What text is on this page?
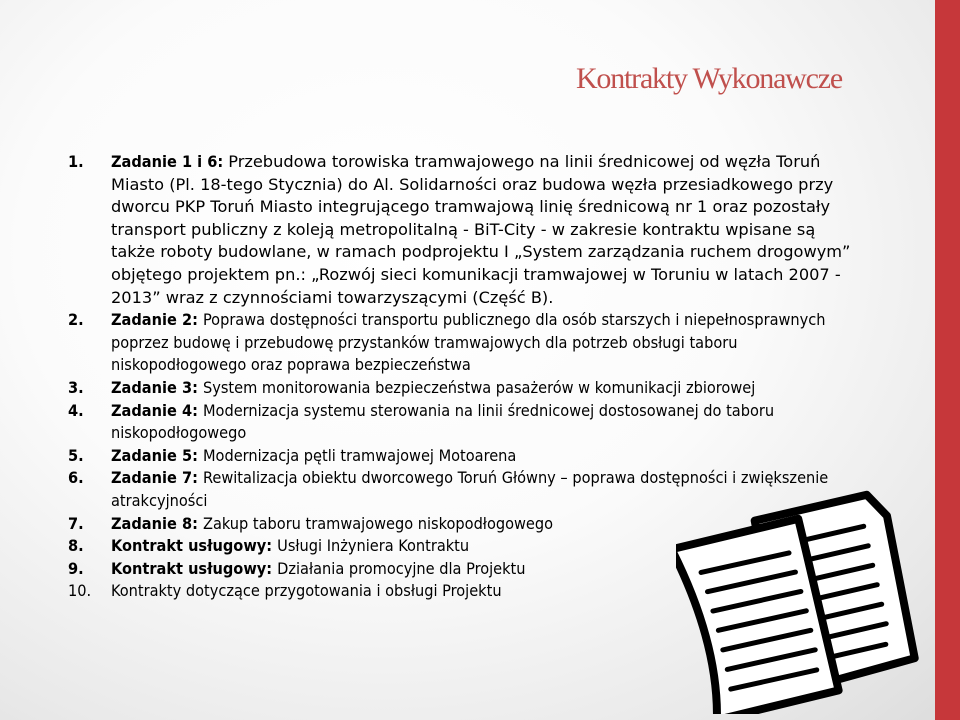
Kontrakty Wykonawcze
1.	Zadanie 1 i 6: Przebudowa torowiska tramwajowego na linii średnicowej od węzła Toruń Miasto (Pl. 18-tego Stycznia) do Al. Solidarności oraz budowa węzła przesiadkowego przy dworcu PKP Toruń Miasto integrującego tramwajową linię średnicową nr 1 oraz pozostały transport publiczny z koleją metropolitalną - BiT-City - w zakresie kontraktu wpisane są także roboty budowlane, w ramach podprojektu I „System zarządzania ruchem drogowym” objętego projektem pn.: „Rozwój sieci komunikacji tramwajowej w Toruniu w latach 2007 - 2013” wraz z czynnościami towarzyszącymi (Część B).
2.	Zadanie 2: Poprawa dostępności transportu publicznego dla osób starszych i niepełnosprawnych poprzez budowę i przebudowę przystanków tramwajowych dla potrzeb obsługi taboru niskopodłogowego oraz poprawa bezpieczeństwa
3.	Zadanie 3: System monitorowania bezpieczeństwa pasażerów w komunikacji zbiorowej
4.	Zadanie 4: Modernizacja systemu sterowania na linii średnicowej dostosowanej do taboru niskopodłogowego
5.	Zadanie 5: Modernizacja pętli tramwajowej Motoarena
6.	Zadanie 7: Rewitalizacja obiektu dworcowego Toruń Główny – poprawa dostępności i zwiększenie atrakcyjności
7.	Zadanie 8: Zakup taboru tramwajowego niskopodłogowego
8.	Kontrakt usługowy: Usługi Inżyniera Kontraktu
9.	Kontrakt usługowy: Działania promocyjne dla Projektu
10.	Kontrakty dotyczące przygotowania i obsługi Projektu
